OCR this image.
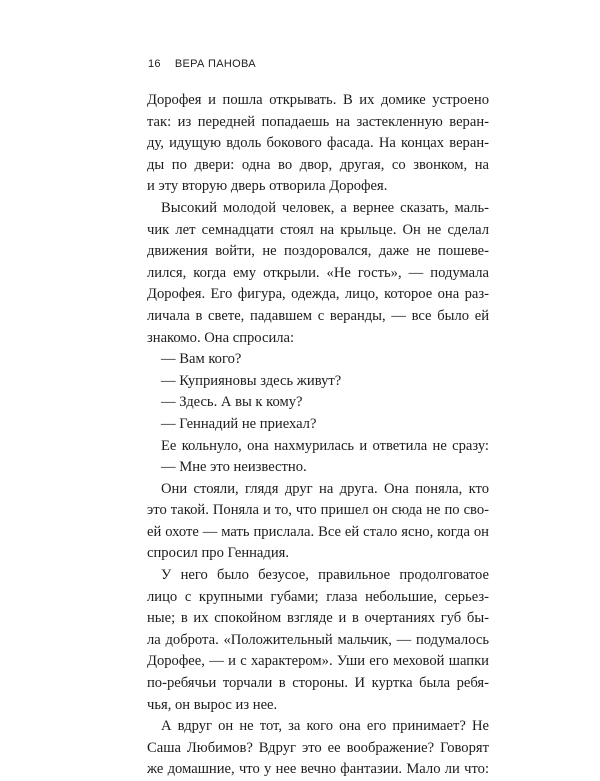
16 ВЕРА ПАНОВА
Дорофея и пошла открывать. В их домике устроено
так: из передней попадаешь на застекленную веран-
ду, идущую вдоль бокового фасада. На концах веран-
ды по двери: одна во двор, другая, со звонком, на
и эту вторую дверь отворила Дорофея.
Высокий молодой человек, а вернее сказать, маль-
чик лет семнадцати стоял на крыльце. Он не сделал
движения войти, не поздоровался, даже не пошеве-
лился, когда ему открыли. «Не гость», — подумала
Дорофея. Его фигура, одежда, лицо, которое она раз-
личала в свете, падавшем с веранды, — все было ей
знакомо. Она спросила:
— Вам кого?
— Куприяновы здесь живут?
— Здесь. А вы к кому?
— Геннадий не приехал?
Ее кольнуло, она нахмурилась и ответила не сразу:
— Мне это неизвестно.
Они стояли, глядя друг на друга. Она поняла, кто
это такой. Поняла и то, что пришел он сюда не по сво-
ей охоте — мать прислала. Все ей стало ясно, когда он
спросил про Геннадия.
У него было безусое, правильное продолговатое
лицо с крупными губами; глаза небольшие, серьез-
ные; в их спокойном взгляде и в очертаниях губ бы-
ла доброта. «Положительный мальчик, — подумалось
Дорофее, — и с характером». Уши его меховой шапки
по-ребячьи торчали в стороны. И куртка была ребя-
чья, он вырос из нее.
А вдруг он не тот, за кого она его принимает? Не
Саша Любимов? Вдруг это ее воображение? Говорят
же домашние, что у нее вечно фантазии. Мало ли что:
